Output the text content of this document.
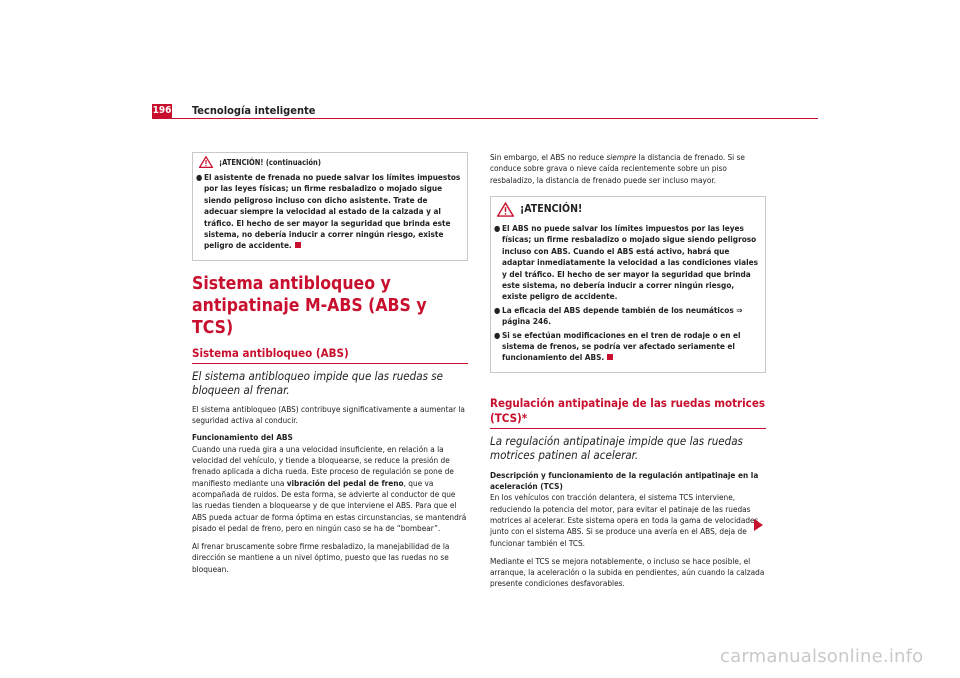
196 Tecnología inteligente
¡ATENCIÓN! (continuación)
● El asistente de frenada no puede salvar los límites impuestos por las leyes físicas; un firme resbaladizo o mojado sigue siendo peligroso incluso con dicho asistente. Trate de adecuar siempre la velocidad al estado de la calzada y al tráfico. El hecho de ser mayor la seguridad que brinda este sistema, no debería inducir a correr ningún riesgo, existe peligro de accidente.
Sistema antibloqueo y antipatinaje M-ABS (ABS y TCS)
Sistema antibloqueo (ABS)
El sistema antibloqueo impide que las ruedas se bloqueen al frenar.

El sistema antibloqueo (ABS) contribuye significativamente a aumentar la seguridad activa al conducir.

Funcionamiento del ABS

Cuando una rueda gira a una velocidad insuficiente, en relación a la velocidad del vehículo, y tiende a bloquearse, se reduce la presión de frenado aplicada a dicha rueda. Este proceso de regulación se pone de manifiesto mediante una vibración del pedal de freno, que va acompañada de ruidos. De esta forma, se advierte al conductor de que las ruedas tienden a bloquearse y de que interviene el ABS. Para que el ABS pueda actuar de forma óptima en estas circunstancias, se mantendrá pisado el pedal de freno, pero en ningún caso se ha de “bombear”.

Al frenar bruscamente sobre firme resbaladizo, la manejabilidad de la dirección se mantiene a un nivel óptimo, puesto que las ruedas no se bloquean.

Sin embargo, el ABS no reduce siempre la distancia de frenado. Si se conduce sobre grava o nieve caída recientemente sobre un piso resbaladizo, la distancia de frenado puede ser incluso mayor.

¡ATENCIÓN!
● El ABS no puede salvar los límites impuestos por las leyes físicas; un firme resbaladizo o mojado sigue siendo peligroso incluso con ABS. Cuando el ABS está activo, habrá que adaptar inmediatamente la velocidad a las condiciones viales y del tráfico. El hecho de ser mayor la seguridad que brinda este sistema, no debería inducir a correr ningún riesgo, existe peligro de accidente.
● La eficacia del ABS depende también de los neumáticos ⇒ página 246.
● Si se efectúan modificaciones en el tren de rodaje o en el sistema de frenos, se podría ver afectado seriamente el funcionamiento del ABS.
Regulación antipatinaje de las ruedas motrices (TCS)*
La regulación antipatinaje impide que las ruedas motrices patinen al acelerar.
Descripción y funcionamiento de la regulación antipatinaje en la aceleración (TCS)

En los vehículos con tracción delantera, el sistema TCS interviene, reduciendo la potencia del motor, para evitar el patinaje de las ruedas motrices al acelerar. Este sistema opera en toda la gama de velocidades junto con el sistema ABS. Si se produce una avería en el ABS, deja de funcionar también el TCS.

Mediante el TCS se mejora notablemente, o incluso se hace posible, el arranque, la aceleración o la subida en pendientes, aún cuando la calzada presente condiciones desfavorables.

carmanualsonline.info
